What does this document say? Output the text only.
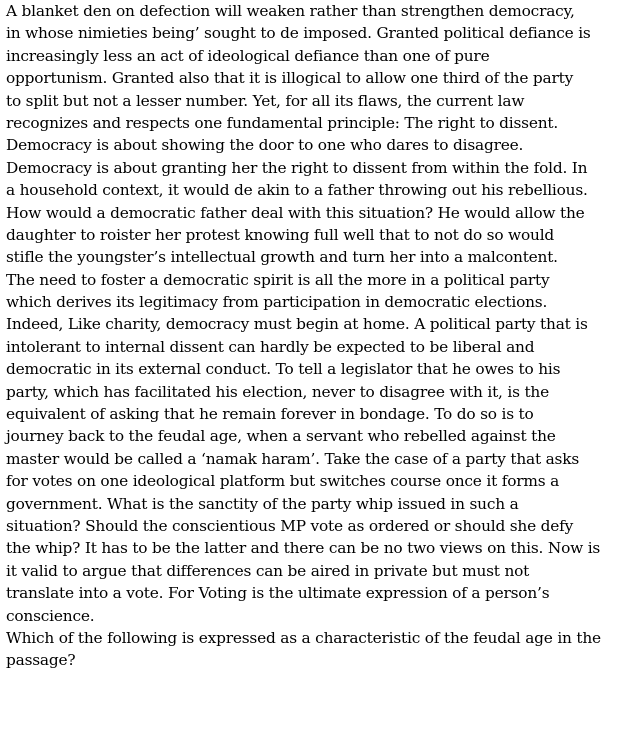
A blanket den on defection will weaken rather than strengthen democracy,
in whose nimieties being’ sought to de imposed. Granted political defiance is
increasingly less an act of ideological defiance than one of pure
opportunism. Granted also that it is illogical to allow one third of the party
to split but not a lesser number. Yet, for all its flaws, the current law
recognizes and respects one fundamental principle: The right to dissent.
Democracy is about showing the door to one who dares to disagree.
Democracy is about granting her the right to dissent from within the fold. In
a household context, it would de akin to a father throwing out his rebellious.
How would a democratic father deal with this situation? He would allow the
daughter to roister her protest knowing full well that to not do so would
stifle the youngster’s intellectual growth and turn her into a malcontent.
The need to foster a democratic spirit is all the more in a political party
which derives its legitimacy from participation in democratic elections.
Indeed, Like charity, democracy must begin at home. A political party that is
intolerant to internal dissent can hardly be expected to be liberal and
democratic in its external conduct. To tell a legislator that he owes to his
party, which has facilitated his election, never to disagree with it, is the
equivalent of asking that he remain forever in bondage. To do so is to
journey back to the feudal age, when a servant who rebelled against the
master would be called a ‘namak haram’. Take the case of a party that asks
for votes on one ideological platform but switches course once it forms a
government. What is the sanctity of the party whip issued in such a
situation? Should the conscientious MP vote as ordered or should she defy
the whip? It has to be the latter and there can be no two views on this. Now is
it valid to argue that differences can be aired in private but must not
translate into a vote. For Voting is the ultimate expression of a person’s
conscience.
Which of the following is expressed as a characteristic of the feudal age in the
passage?
